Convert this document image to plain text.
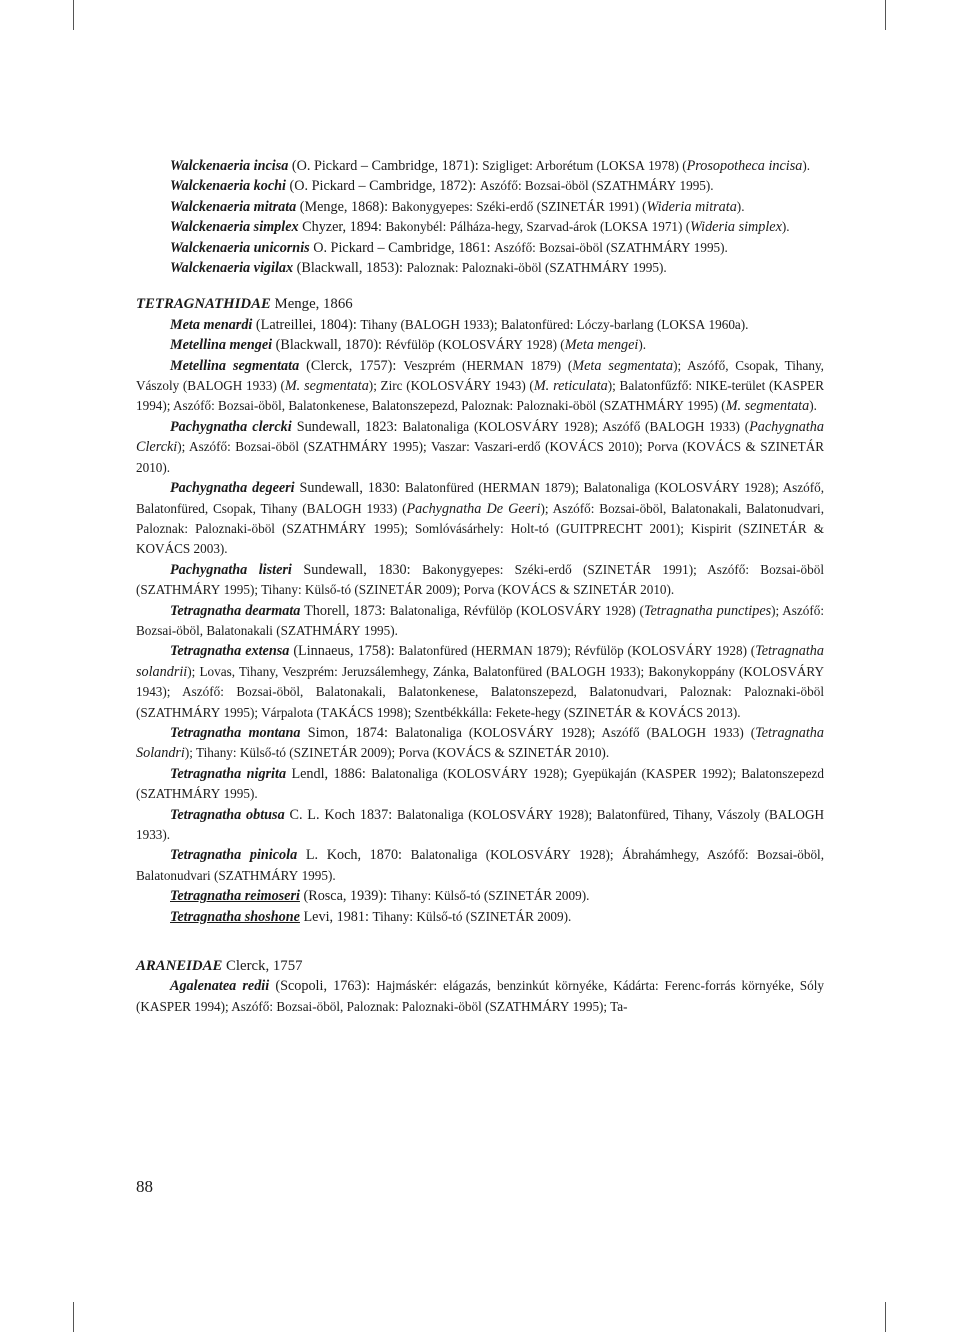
Walckenaeria incisa (O. Pickard – Cambridge, 1871): Szigliget: Arborétum (LOKSA 1978) (Prosopotheca incisa).

Walckenaeria kochi (O. Pickard – Cambridge, 1872): Aszófő: Bozsai-öböl (SZATHMÁRY 1995).

Walckenaeria mitrata (Menge, 1868): Bakonygyepes: Széki-erdő (SZINETÁR 1991) (Wideria mitrata).

Walckenaeria simplex Chyzer, 1894: Bakonybél: Pálháza-hegy, Szarvad-árok (LOKSA 1971) (Wideria simplex).

Walckenaeria unicornis O. Pickard – Cambridge, 1861: Aszófő: Bozsai-öböl (SZATHMÁRY 1995).

Walckenaeria vigilax (Blackwall, 1853): Paloznak: Paloznaki-öböl (SZATHMÁRY 1995).

TETRAGNATHIDAE Menge, 1866

Meta menardi (Latreillei, 1804): Tihany (BALOGH 1933); Balatonfüred: Lóczy-barlang (LOKSA 1960a).

Metellina mengei (Blackwall, 1870): Révfülöp (KOLOSVÁRY 1928) (Meta mengei).

Metellina segmentata (Clerck, 1757): Veszprém (HERMAN 1879) (Meta segmentata); Aszófő, Csopak, Tihany, Vászoly (BALOGH 1933) (M. segmentata); Zirc (KOLOSVÁRY 1943) (M. reticulata); Balatonfűzfő: NIKE-terület (KASPER 1994); Aszófő: Bozsai-öböl, Balatonkenese, Balatonszepezd, Paloznak: Paloznaki-öböl (SZATHMÁRY 1995) (M. segmentata).

Pachygnatha clercki Sundewall, 1823: Balatonaliga (KOLOSVÁRY 1928); Aszófő (BALOGH 1933) (Pachygnatha Clercki); Aszófő: Bozsai-öböl (SZATHMÁRY 1995); Vaszar: Vaszari-erdő (KOVÁCS 2010); Porva (KOVÁCS & SZINETÁR 2010).

Pachygnatha degeeri Sundewall, 1830: Balatonfüred (HERMAN 1879); Balatonaliga (KOLOSVÁRY 1928); Aszófő, Balatonfüred, Csopak, Tihany (BALOGH 1933) (Pachygnatha De Geeri); Aszófő: Bozsai-öböl, Balatonakali, Balatonudvari, Paloznak: Paloznaki-öböl (SZATHMÁRY 1995); Somlóvásárhely: Holt-tó (GUITPRECHT 2001); Kispirit (SZINETÁR & KOVÁCS 2003).

Pachygnatha listeri Sundewall, 1830: Bakonygyepes: Széki-erdő (SZINETÁR 1991); Aszófő: Bozsai-öböl (SZATHMÁRY 1995); Tihany: Külső-tó (SZINETÁR 2009); Porva (KOVÁCS & SZINETÁR 2010).

Tetragnatha dearmata Thorell, 1873: Balatonaliga, Révfülöp (KOLOSVÁRY 1928) (Tetragnatha punctipes); Aszófő: Bozsai-öböl, Balatonakali (SZATHMÁRY 1995).

Tetragnatha extensa (Linnaeus, 1758): Balatonfüred (HERMAN 1879); Révfülöp (KOLOSVÁRY 1928) (Tetragnatha solandrii); Lovas, Tihany, Veszprém: Jeruzsálemhegy, Zánka, Balatonfüred (BALOGH 1933); Bakonykoppány (KOLOSVÁRY 1943); Aszófő: Bozsai-öböl, Balatonakali, Balatonkenese, Balatonszepezd, Balatonudvari, Paloznak: Paloznaki-öböl (SZATHMÁRY 1995); Várpalota (TAKÁCS 1998); Szentbékkálla: Fekete-hegy (SZINETÁR & KOVÁCS 2013).

Tetragnatha montana Simon, 1874: Balatonaliga (KOLOSVÁRY 1928); Aszófő (BALOGH 1933) (Tetragnatha Solandri); Tihany: Külső-tó (SZINETÁR 2009); Porva (KOVÁCS & SZINETÁR 2010).

Tetragnatha nigrita Lendl, 1886: Balatonaliga (KOLOSVÁRY 1928); Gyepükaján (KASPER 1992); Balatonszepezd (SZATHMÁRY 1995).

Tetragnatha obtusa C. L. Koch 1837: Balatonaliga (KOLOSVÁRY 1928); Balatonfüred, Tihany, Vászoly (BALOGH 1933).

Tetragnatha pinicola L. Koch, 1870: Balatonaliga (KOLOSVÁRY 1928); Ábrahámhegy, Aszófő: Bozsai-öböl, Balatonudvari (SZATHMÁRY 1995).

Tetragnatha reimoseri (Rosca, 1939): Tihany: Külső-tó (SZINETÁR 2009).

Tetragnatha shoshone Levi, 1981: Tihany: Külső-tó (SZINETÁR 2009).

ARANEIDAE Clerck, 1757

Agalenatea redii (Scopoli, 1763): Hajmáskér: elágazás, benzinkút környéke, Kádárta: Ferenc-forrás környéke, Sóly (KASPER 1994); Aszófő: Bozsai-öböl, Paloznak: Paloznaki-öböl (SZATHMÁRY 1995); Ta-

88
